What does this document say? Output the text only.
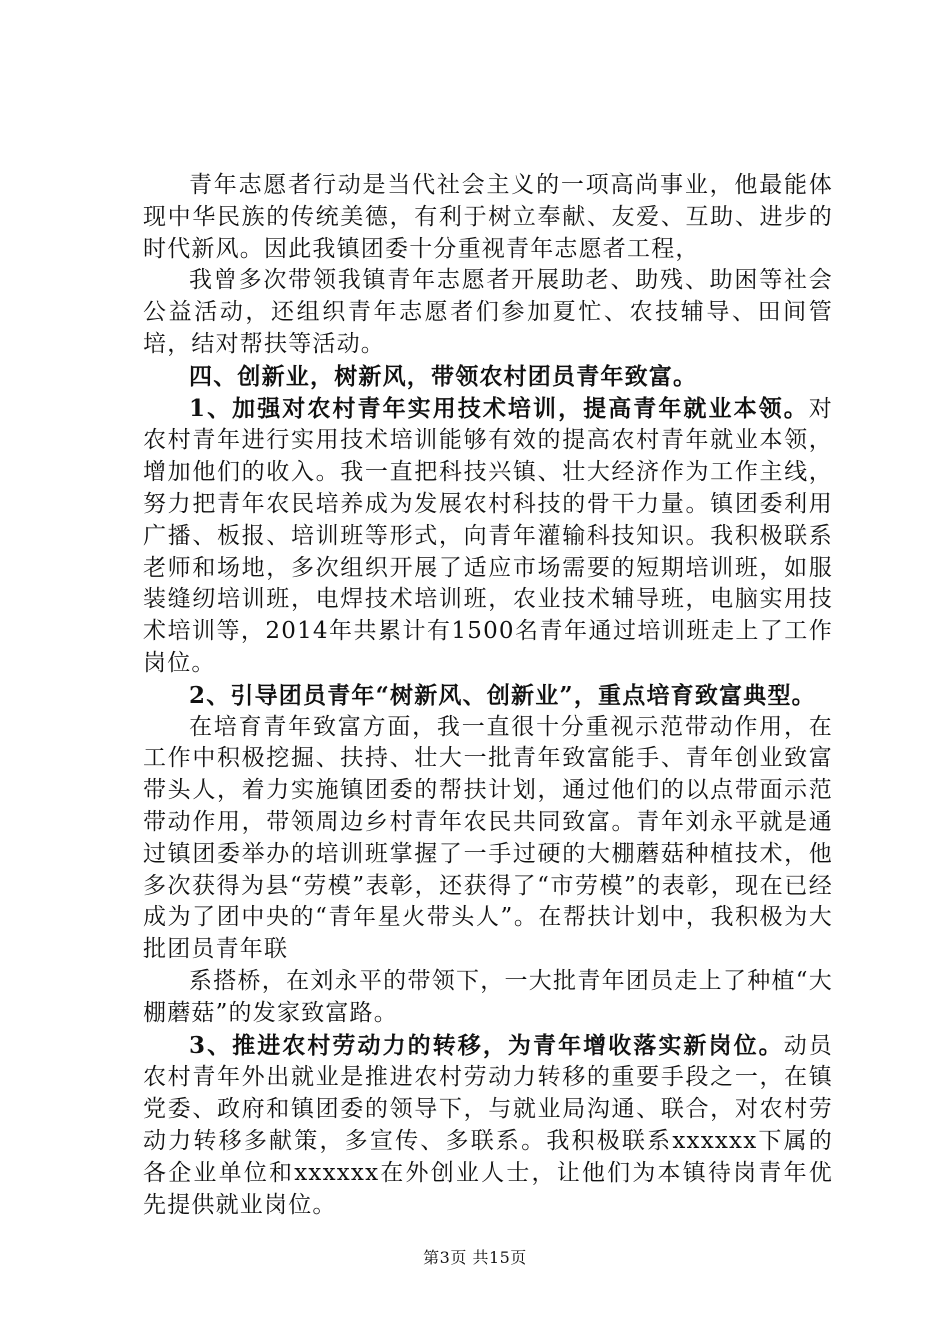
青年志愿者行动是当代社会主义的一项高尚事业，他最能体现中华民族的传统美德，有利于树立奉献、友爱、互助、进步的时代新风。因此我镇团委十分重视青年志愿者工程，

我曾多次带领我镇青年志愿者开展助老、助残、助困等社会公益活动，还组织青年志愿者们参加夏忙、农技辅导、田间管培，结对帮扶等活动。

四、创新业，树新风，带领农村团员青年致富。

1、加强对农村青年实用技术培训，提高青年就业本领。对农村青年进行实用技术培训能够有效的提高农村青年就业本领，增加他们的收入。我一直把科技兴镇、壮大经济作为工作主线，努力把青年农民培养成为发展农村科技的骨干力量。镇团委利用广播、板报、培训班等形式，向青年灌输科技知识。我积极联系老师和场地，多次组织开展了适应市场需要的短期培训班，如服装缝纫培训班，电焊技术培训班，农业技术辅导班，电脑实用技术培训等，2014年共累计有1500名青年通过培训班走上了工作岗位。

2、引导团员青年“树新风、创新业”，重点培育致富典型。

在培育青年致富方面，我一直很十分重视示范带动作用，在工作中积极挖掘、扶持、壮大一批青年致富能手、青年创业致富带头人，着力实施镇团委的帮扶计划，通过他们的以点带面示范带动作用，带领周边乡村青年农民共同致富。青年刘永平就是通过镇团委举办的培训班掌握了一手过硬的大棚蘑菇种植技术，他多次获得为县“劳模”表彰，还获得了“市劳模”的表彰，现在已经成为了团中央的“青年星火带头人”。在帮扶计划中，我积极为大批团员青年联

系搭桥，在刘永平的带领下，一大批青年团员走上了种植“大棚蘑菇”的发家致富路。

3、推进农村劳动力的转移，为青年增收落实新岗位。动员农村青年外出就业是推进农村劳动力转移的重要手段之一，在镇党委、政府和镇团委的领导下，与就业局沟通、联合，对农村劳动力转移多献策，多宣传、多联系。我积极联系xxxxxx下属的各企业单位和xxxxxx在外创业人士，让他们为本镇待岗青年优先提供就业岗位。

第3页 共15页
